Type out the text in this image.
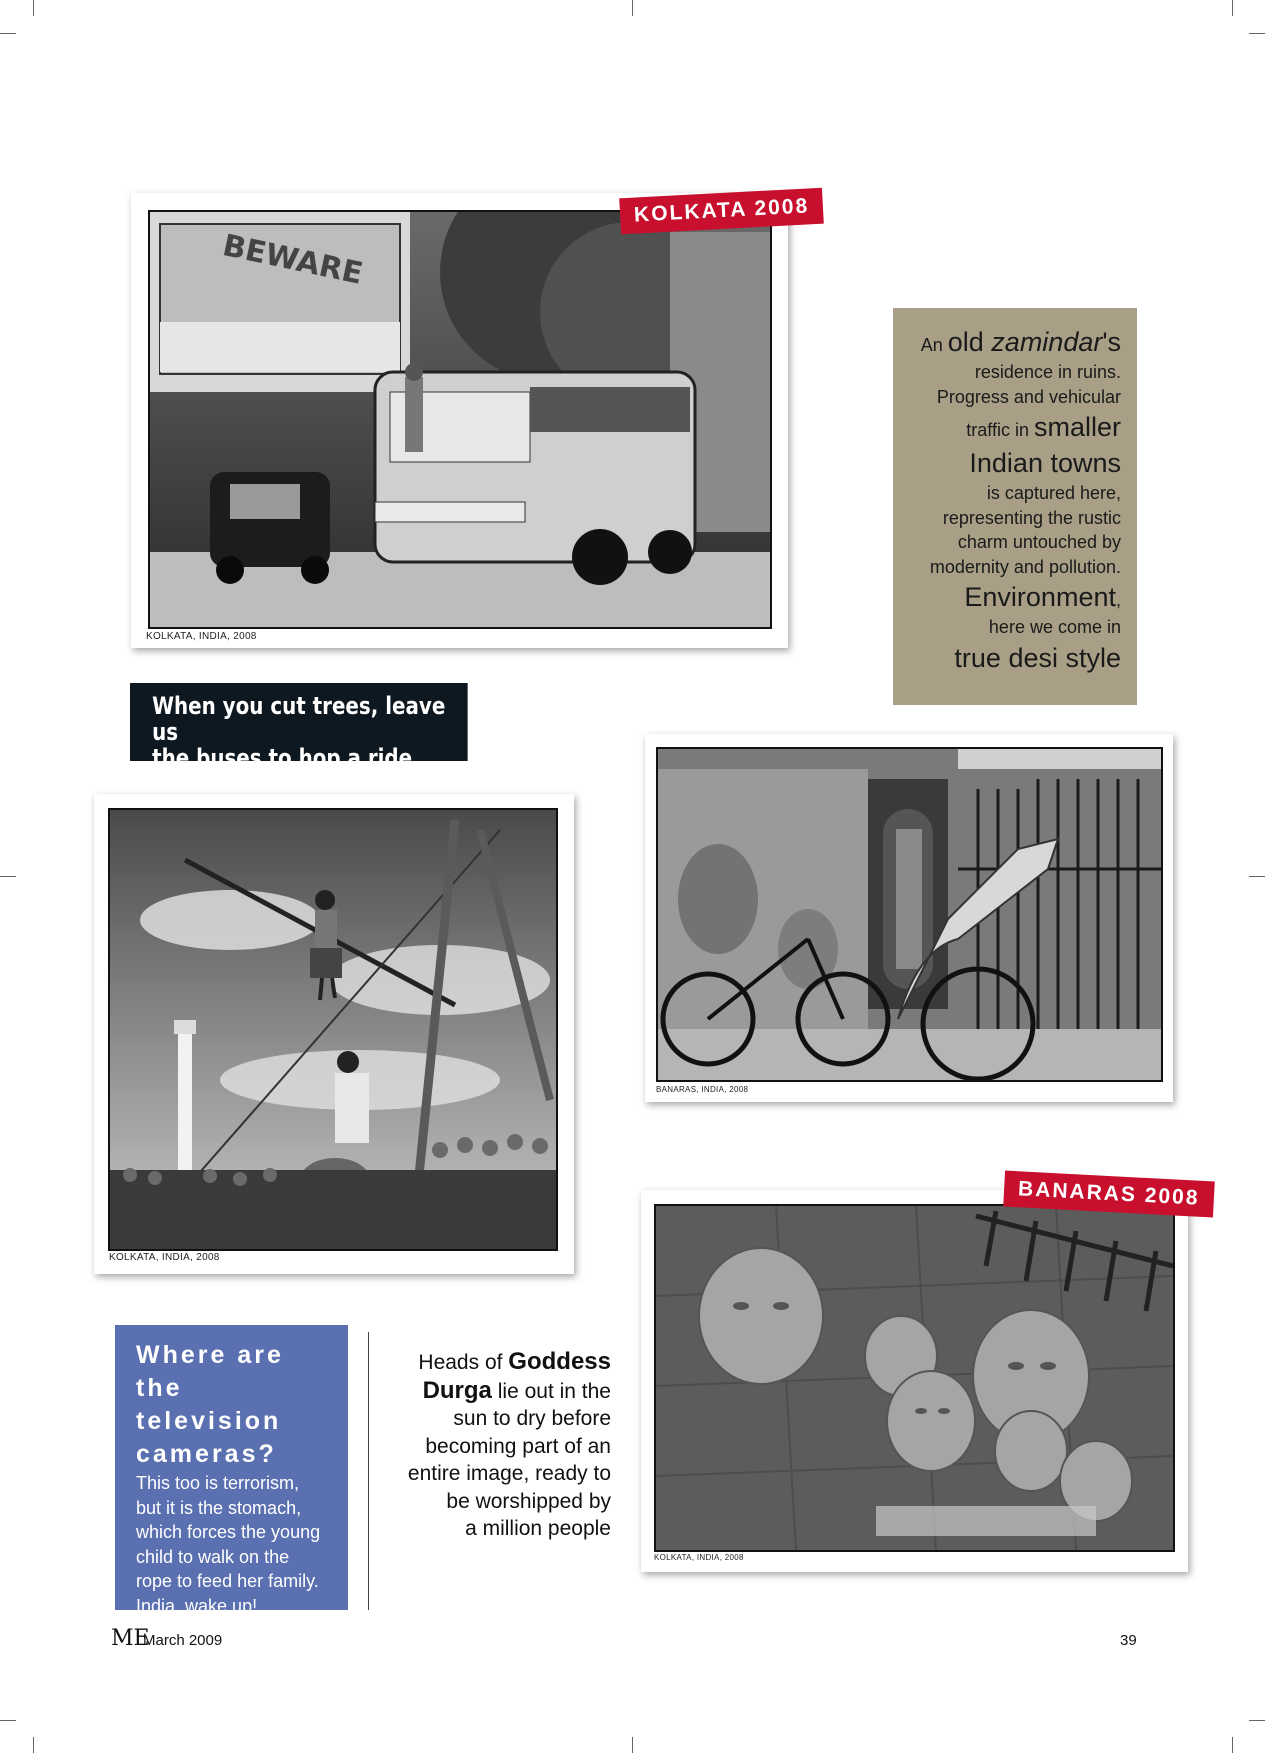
BEWARE
KOLKATA, INDIA, 2008
KOLKATA 2008
When you cut trees, leave us
the buses to hop a ride
An old zamindar's
residence in ruins.
Progress and vehicular
traffic in smaller
Indian towns
is captured here,
representing the rustic
charm untouched by
modernity and pollution.
Environment,
here we come in
true desi style
KOLKATA, INDIA, 2008
BANARAS, INDIA, 2008
KOLKATA, INDIA, 2008
BANARAS 2008
Where are
the television
cameras?
This too is terrorism,
but it is the stomach,
which forces the young
child to walk on the
rope to feed her family.
India, wake up!
Heads of Goddess
Durga lie out in the
sun to dry before
becoming part of an
entire image, ready to
be worshipped by
a million people
ME
March 2009	39
